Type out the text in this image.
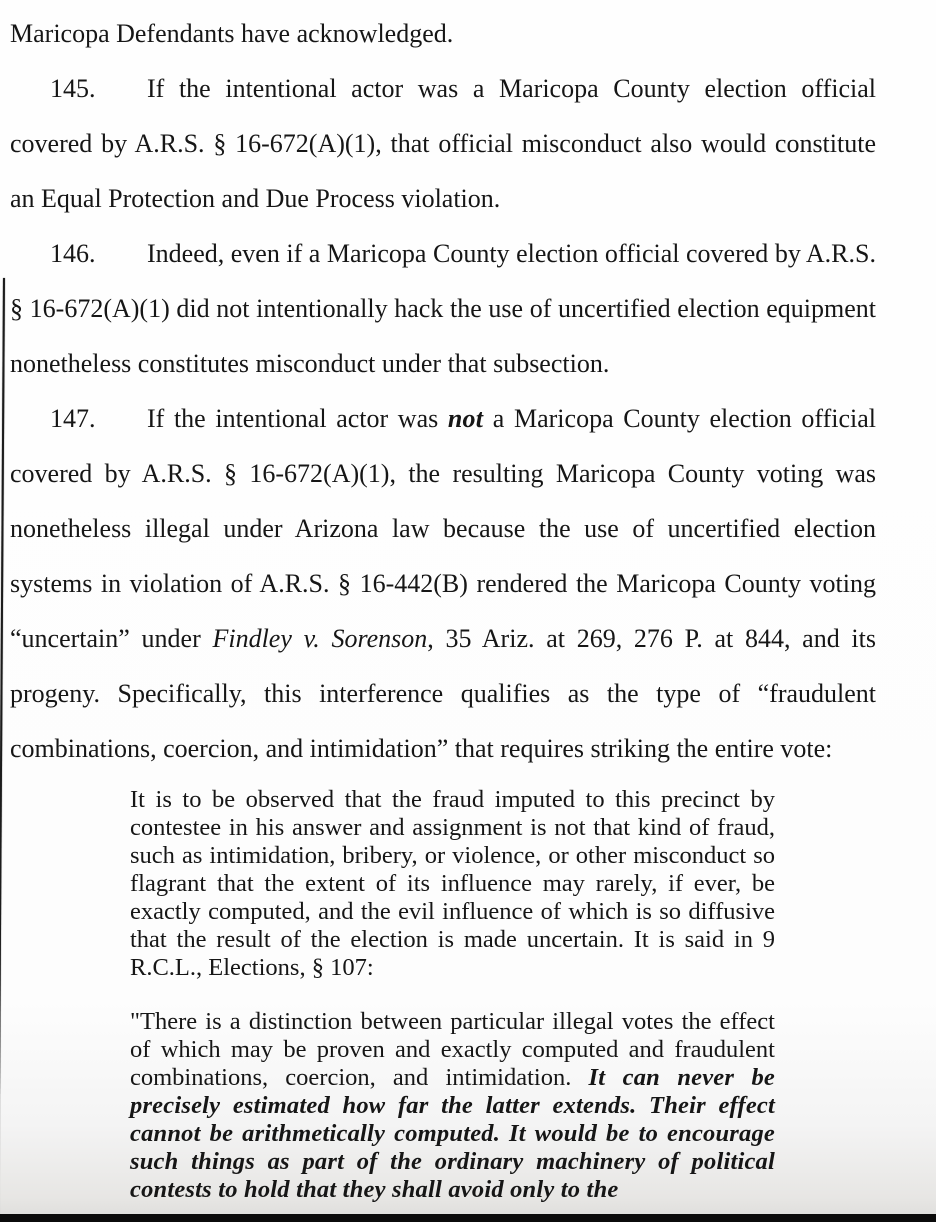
Maricopa Defendants have acknowledged.

145. If the intentional actor was a Maricopa County election official covered by A.R.S. § 16-672(A)(1), that official misconduct also would constitute an Equal Protection and Due Process violation.

146. Indeed, even if a Maricopa County election official covered by A.R.S. § 16-672(A)(1) did not intentionally hack the use of uncertified election equipment nonetheless constitutes misconduct under that subsection.

147. If the intentional actor was not a Maricopa County election official covered by A.R.S. § 16-672(A)(1), the resulting Maricopa County voting was nonetheless illegal under Arizona law because the use of uncertified election systems in violation of A.R.S. § 16-442(B) rendered the Maricopa County voting “uncertain” under Findley v. Sorenson, 35 Ariz. at 269, 276 P. at 844, and its progeny. Specifically, this interference qualifies as the type of “fraudulent combinations, coercion, and intimidation” that requires striking the entire vote:

It is to be observed that the fraud imputed to this precinct by contestee in his answer and assignment is not that kind of fraud, such as intimidation, bribery, or violence, or other misconduct so flagrant that the extent of its influence may rarely, if ever, be exactly computed, and the evil influence of which is so diffusive that the result of the election is made uncertain. It is said in 9 R.C.L., Elections, § 107:
"There is a distinction between particular illegal votes the effect of which may be proven and exactly computed and fraudulent combinations, coercion, and intimidation. It can never be precisely estimated how far the latter extends. Their effect cannot be arithmetically computed. It would be to encourage such things as part of the ordinary machinery of political contests to hold that they shall avoid only to the
